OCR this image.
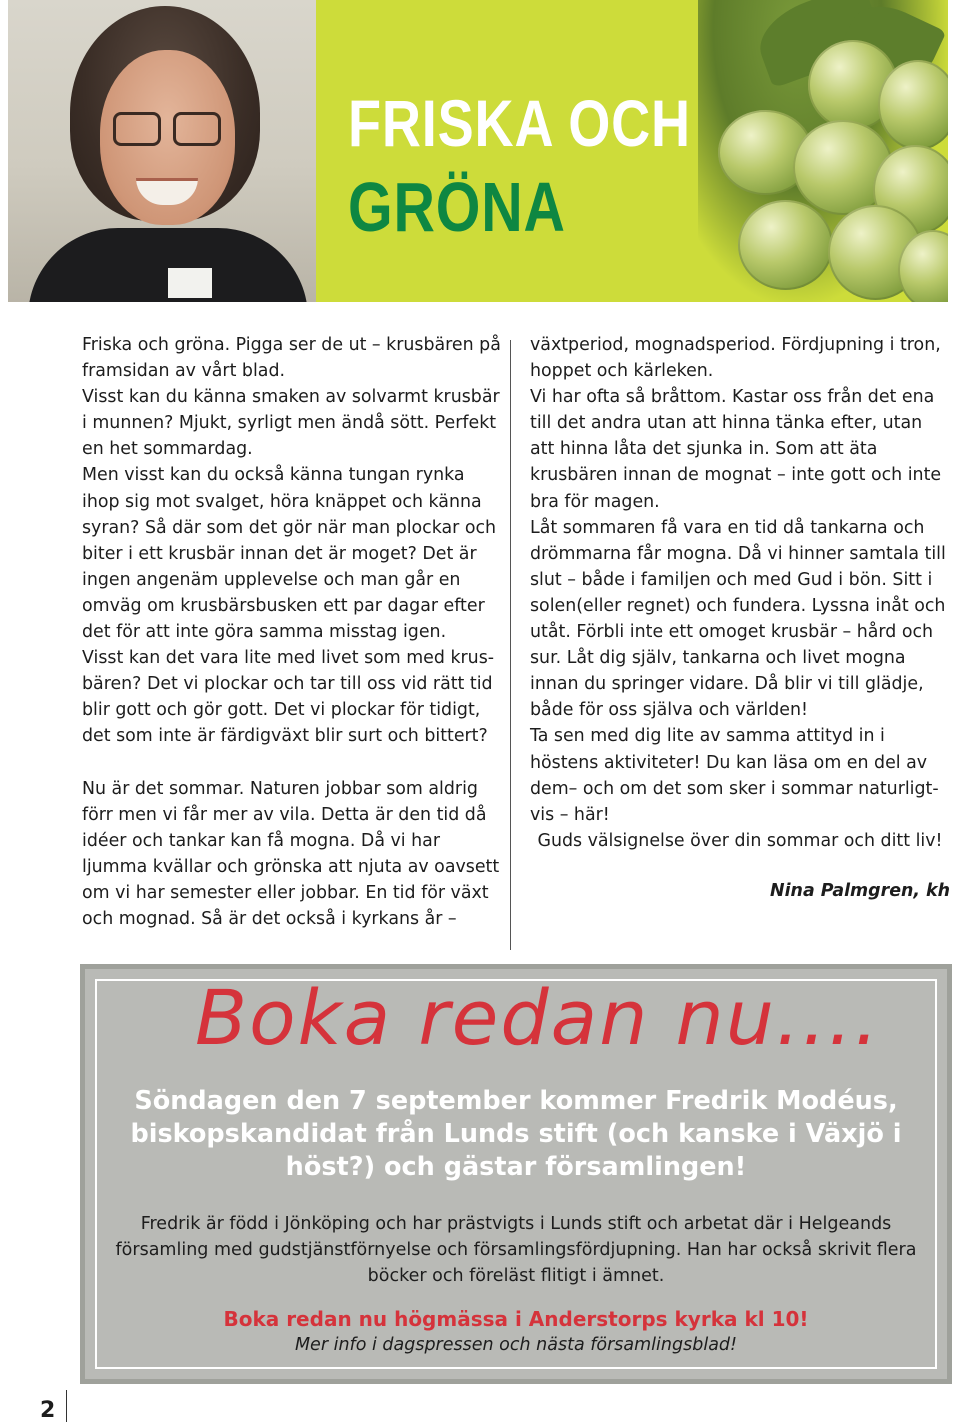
FRISKA OCH
GRÖNA

Friska och gröna. Pigga ser de ut – krusbären på framsidan av vårt blad.

Visst kan du känna smaken av solvarmt krusbär i munnen? Mjukt, syrligt men ändå sött. Perfekt en het sommardag.

Men visst kan du också känna tungan rynka ihop sig mot svalget, höra knäppet och känna syran? Så där som det gör när man plockar och biter i ett krusbär innan det är moget? Det är ingen angenäm upplevelse och man går en omväg om krusbärsbusken ett par dagar efter det för att inte göra samma misstag igen.

Visst kan det vara lite med livet som med krus-bären? Det vi plockar och tar till oss vid rätt tid blir gott och gör gott. Det vi plockar för tidigt, det som inte är färdigväxt blir surt och bittert?

Nu är det sommar. Naturen jobbar som aldrig förr men vi får mer av vila. Detta är den tid då idéer och tankar kan få mogna. Då vi har ljumma kvällar och grönska att njuta av oavsett om vi har semester eller jobbar. En tid för växt och mognad. Så är det också i kyrkans år –

växtperiod, mognadsperiod. Fördjupning i tron, hoppet och kärleken.

Vi har ofta så bråttom. Kastar oss från det ena till det andra utan att hinna tänka efter, utan att hinna låta det sjunka in. Som att äta krusbären innan de mognat – inte gott och inte bra för magen.

Låt sommaren få vara en tid då tankarna och drömmarna får mogna. Då vi hinner samtala till slut – både i familjen och med Gud i bön. Sitt i solen(eller regnet) och fundera. Lyssna inåt och utåt. Förbli inte ett omoget krusbär – hård och sur. Låt dig själv, tankarna och livet mogna innan du springer vidare. Då blir vi till glädje, både för oss själva och världen!

Ta sen med dig lite av samma attityd in i höstens aktiviteter! Du kan läsa om en del av dem– och om det som sker i sommar naturligt-vis – här!

Guds välsignelse över din sommar och ditt liv!

Nina Palmgren, kh

Boka redan nu....
Söndagen den 7 september kommer Fredrik Modéus, biskopskandidat från Lunds stift (och kanske i Växjö i höst?) och gästar församlingen!
Fredrik är född i Jönköping och har prästvigts i Lunds stift och arbetat där i Helgeands församling med gudstjänstförnyelse och församlingsfördjupning. Han har också skrivit flera böcker och föreläst flitigt i ämnet.
Boka redan nu högmässa i Anderstorps kyrka kl 10!
Mer info i dagspressen och nästa församlingsblad!
2
